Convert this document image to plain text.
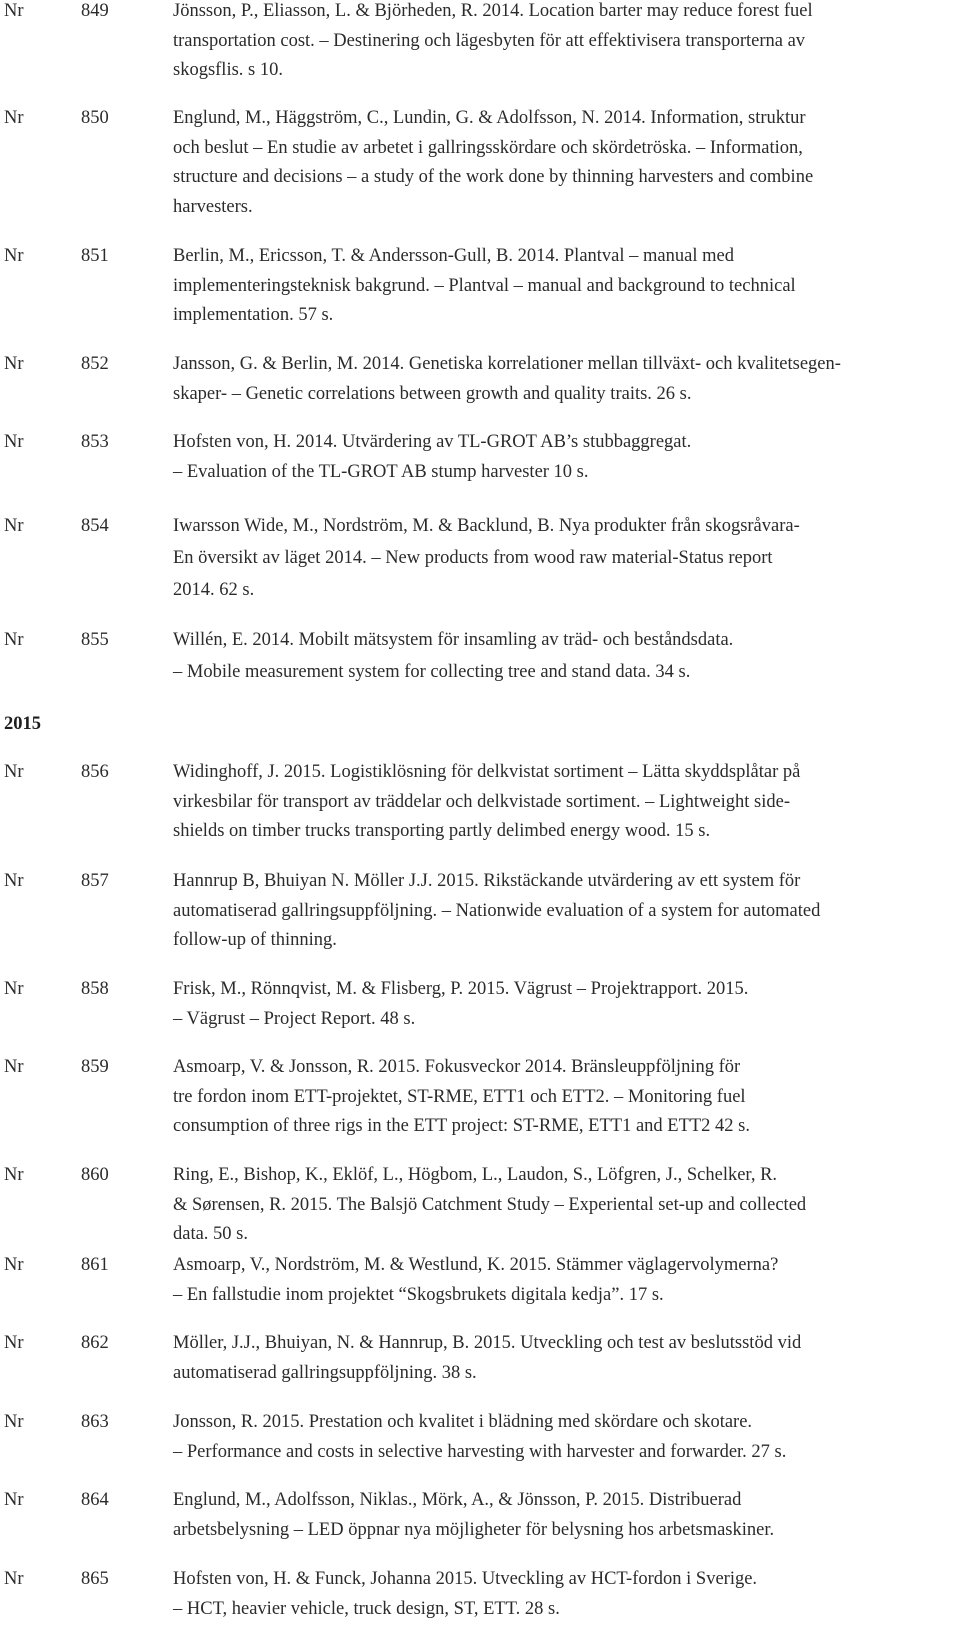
Nr	849	Jönsson, P., Eliasson, L. & Björheden, R. 2014. Location barter may reduce forest fuel
transportation cost. – Destinering och lägesbyten för att effektivisera transporterna av
skogsflis. s 10.
Nr	850	Englund, M., Häggström, C., Lundin, G. & Adolfsson, N. 2014. Information, struktur
och beslut – En studie av arbetet i gallringsskördare och skördetröska. – Information,
structure and decisions – a study of the work done by thinning harvesters and combine
harvesters.
Nr	851	Berlin, M., Ericsson, T. & Andersson-Gull, B. 2014. Plantval – manual med
implementeringsteknisk bakgrund. – Plantval – manual and background to technical
implementation. 57 s.
Nr	852	Jansson, G. & Berlin, M. 2014. Genetiska korrelationer mellan tillväxt- och kvalitetsegen-
skaper- – Genetic correlations between growth and quality traits. 26 s.
Nr	853	Hofsten von, H. 2014. Utvärdering av TL-GROT AB’s stubbaggregat.
– Evaluation of the TL-GROT AB stump harvester 10 s.
Nr	854	Iwarsson Wide, M., Nordström, M. & Backlund, B. Nya produkter från skogsråvara-
En översikt av läget 2014. – New products from wood raw material-Status report
2014. 62 s.
Nr	855	Willén, E. 2014. Mobilt mätsystem för insamling av träd- och beståndsdata.
– Mobile measurement system for collecting tree and stand data. 34 s.
2015
Nr	856	Widinghoff, J. 2015. Logistiklösning för delkvistat sortiment – Lätta skyddsplåtar på
virkesbilar för transport av träddelar och delkvistade sortiment. – Lightweight side-
shields on timber trucks transporting partly delimbed energy wood. 15 s.
Nr	857	Hannrup B, Bhuiyan N. Möller J.J. 2015. Rikstäckande utvärdering av ett system för
automatiserad gallringsuppföljning. – Nationwide evaluation of a system for automated
follow-up of thinning.
Nr	858	Frisk, M., Rönnqvist, M. & Flisberg, P. 2015. Vägrust – Projektrapport. 2015.
– Vägrust – Project Report. 48 s.
Nr	859	Asmoarp, V. & Jonsson, R. 2015. Fokusveckor 2014. Bränsleuppföljning för
tre fordon inom ETT-projektet, ST-RME, ETT1 och ETT2. – Monitoring fuel
consumption of three rigs in the ETT project: ST-RME, ETT1 and ETT2 42 s.
Nr	860	Ring, E., Bishop, K., Eklöf, L., Högbom, L., Laudon, S., Löfgren, J., Schelker, R.
& Sørensen, R. 2015. The Balsjö Catchment Study – Experiental set-up and collected
data. 50 s.
Nr	861	Asmoarp, V., Nordström, M. & Westlund, K. 2015. Stämmer väglagervolymerna?
– En fallstudie inom projektet “Skogsbrukets digitala kedja”. 17 s.
Nr	862	Möller, J.J., Bhuiyan, N. & Hannrup, B. 2015. Utveckling och test av beslutsstöd vid
automatiserad gallringsuppföljning. 38 s.
Nr	863	Jonsson, R. 2015. Prestation och kvalitet i blädning med skördare och skotare.
– Performance and costs in selective harvesting with harvester and forwarder. 27 s.
Nr	864	Englund, M., Adolfsson, Niklas., Mörk, A., & Jönsson, P. 2015. Distribuerad
arbetsbelysning – LED öppnar nya möjligheter för belysning hos arbetsmaskiner.
Nr	865	Hofsten von, H. & Funck, Johanna 2015. Utveckling av HCT-fordon i Sverige.
– HCT, heavier vehicle, truck design, ST, ETT. 28 s.
